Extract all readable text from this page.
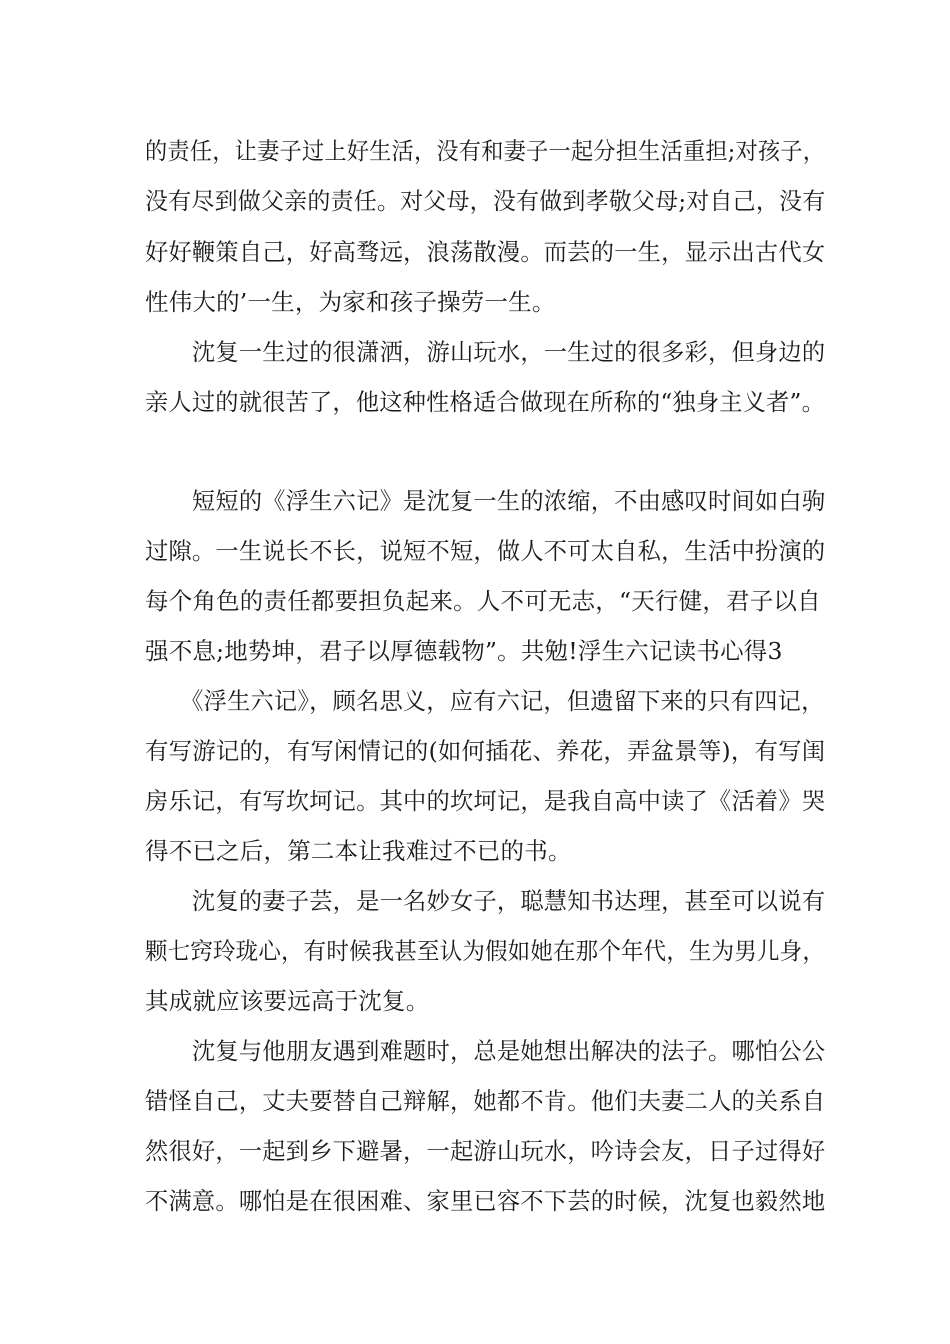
的责任，让妻子过上好生活，没有和妻子一起分担生活重担;对孩子，
没有尽到做父亲的责任。对父母，没有做到孝敬父母;对自己，没有
好好鞭策自己，好高骛远，浪荡散漫。而芸的一生，显示出古代女
性伟大的’一生，为家和孩子操劳一生。
　　沈复一生过的很潇洒，游山玩水，一生过的很多彩，但身边的
亲人过的就很苦了，他这种性格适合做现在所称的“独身主义者”。
　　短短的《浮生六记》是沈复一生的浓缩，不由感叹时间如白驹
过隙。一生说长不长，说短不短，做人不可太自私，生活中扮演的
每个角色的责任都要担负起来。人不可无志，“天行健，君子以自
强不息;地势坤，君子以厚德载物”。共勉!浮生六记读书心得3
　　《浮生六记》，顾名思义，应有六记，但遗留下来的只有四记，
有写游记的，有写闲情记的(如何插花、养花，弄盆景等)，有写闺
房乐记，有写坎坷记。其中的坎坷记，是我自高中读了《活着》哭
得不已之后，第二本让我难过不已的书。
　　沈复的妻子芸，是一名妙女子，聪慧知书达理，甚至可以说有
颗七窍玲珑心，有时候我甚至认为假如她在那个年代，生为男儿身，
其成就应该要远高于沈复。
　　沈复与他朋友遇到难题时，总是她想出解决的法子。哪怕公公
错怪自己，丈夫要替自己辩解，她都不肯。他们夫妻二人的关系自
然很好，一起到乡下避暑，一起游山玩水，吟诗会友，日子过得好
不满意。哪怕是在很困难、家里已容不下芸的时候，沈复也毅然地
